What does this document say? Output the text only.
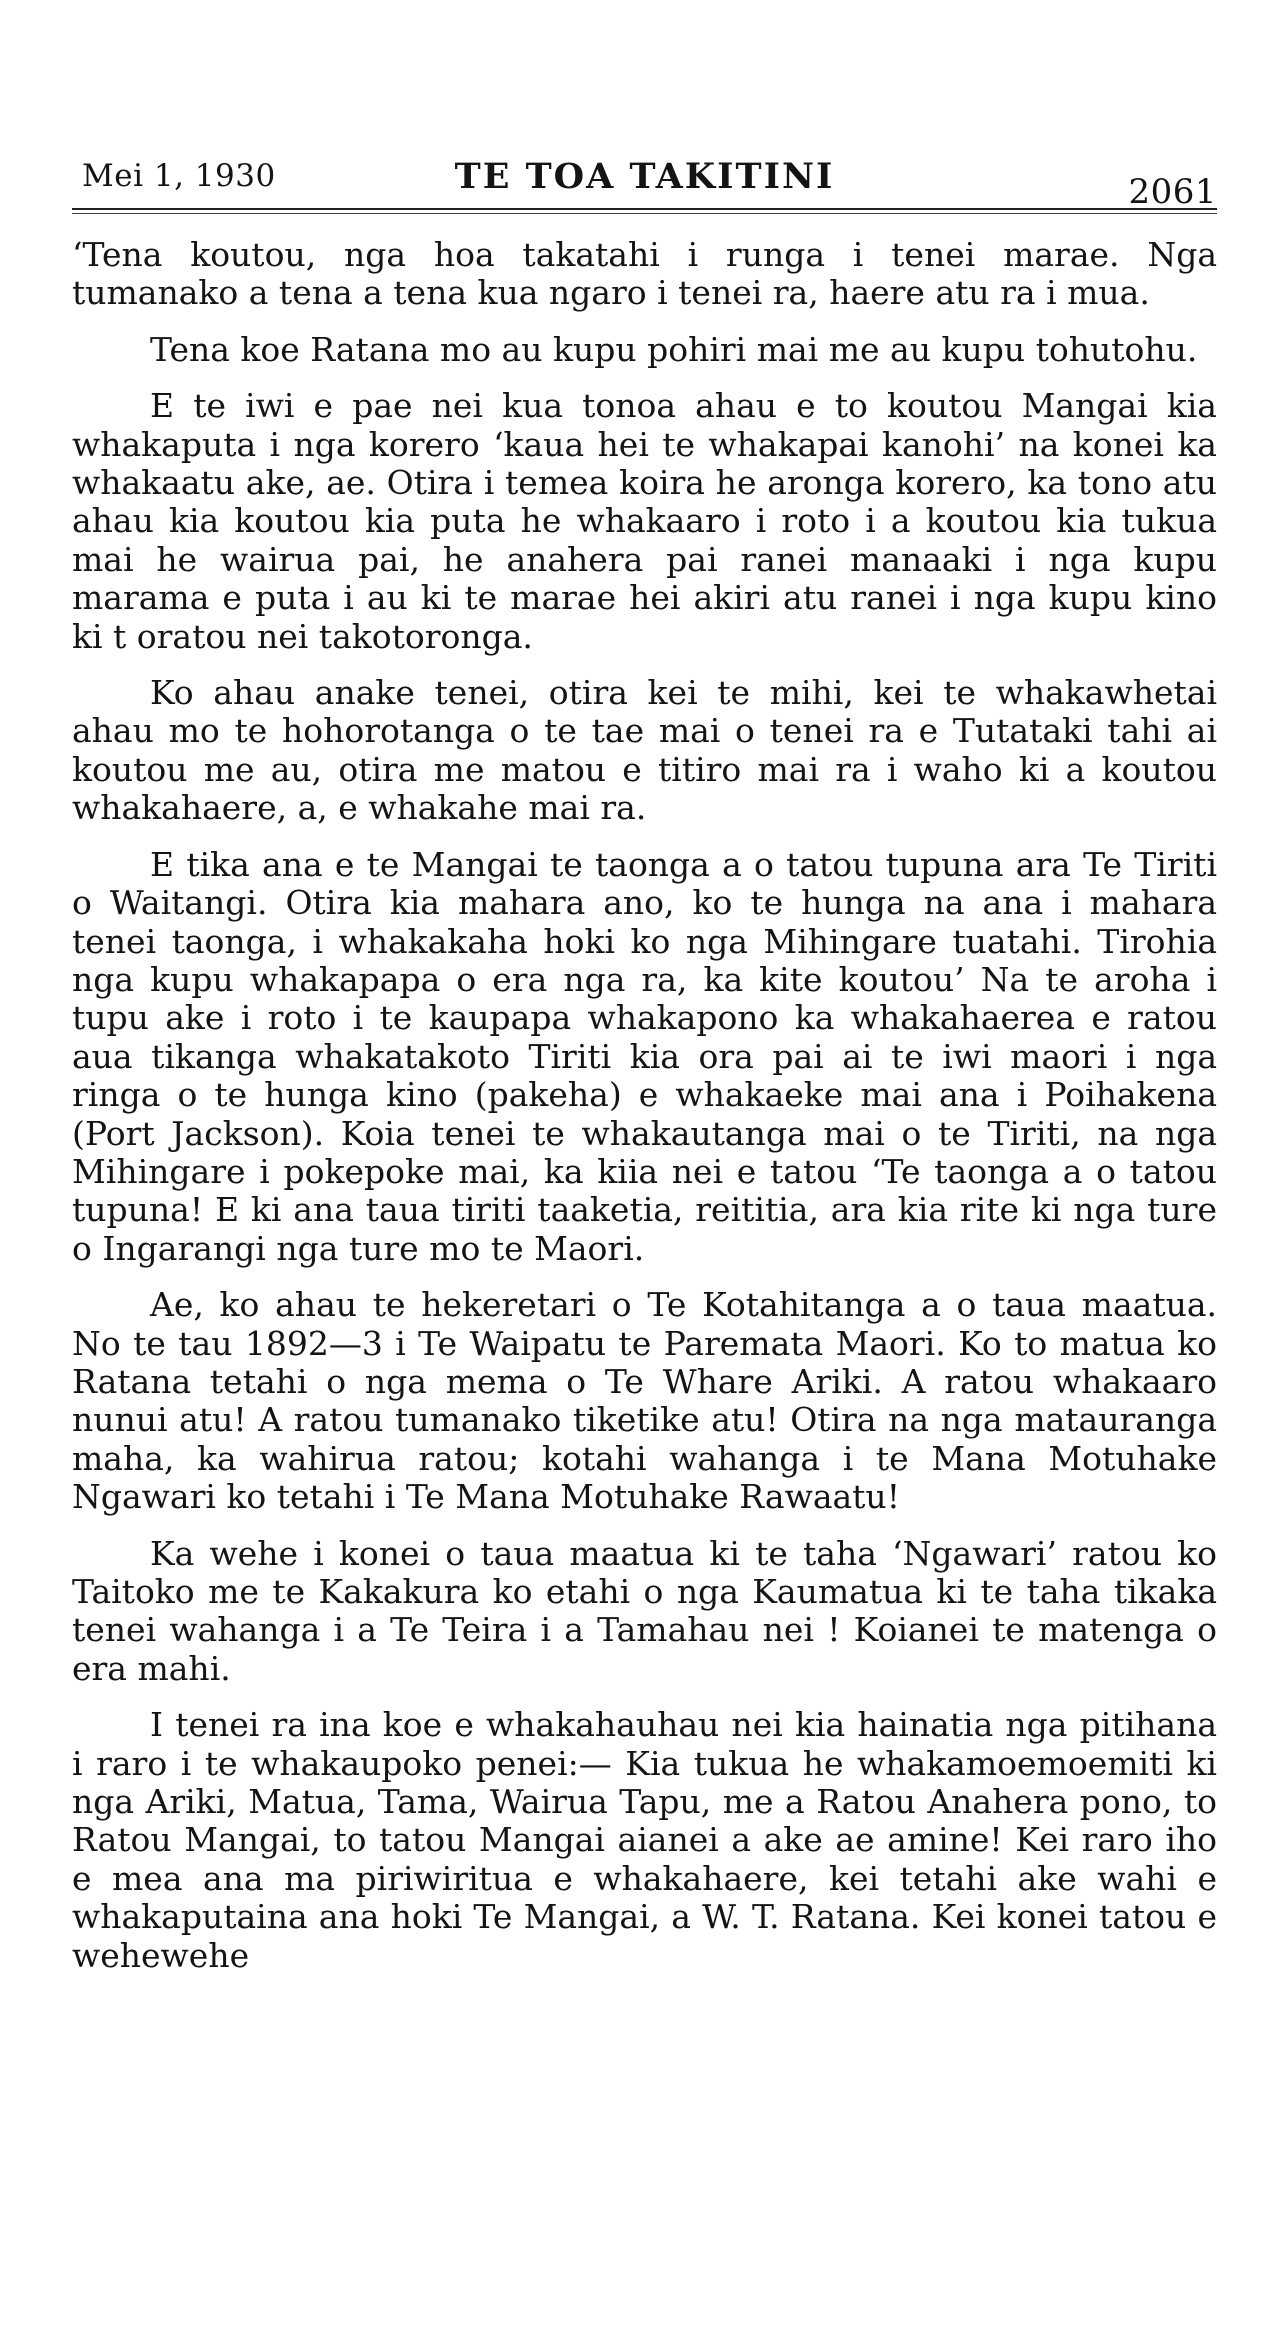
Mei 1, 1930	TE TOA TAKITINI	2061

‘Tena koutou, nga hoa takatahi i runga i tenei marae. Nga tumanako a tena a tena kua ngaro i tenei ra, haere atu ra i mua.

Tena koe Ratana mo au kupu pohiri mai me au kupu tohutohu.

E te iwi e pae nei kua tonoa ahau e to koutou Mangai kia whakaputa i nga korero ‘kaua hei te whakapai kanohi’ na konei ka whakaatu ake, ae. Otira i temea koira he aronga korero, ka tono atu ahau kia koutou kia puta he whakaaro i roto i a koutou kia tukua mai he wairua pai, he anahera pai ranei manaaki i nga kupu marama e puta i au ki te marae hei akiri atu ranei i nga kupu kino ki t oratou nei takotoronga.

Ko ahau anake tenei, otira kei te mihi, kei te whakawhetai ahau mo te hohorotanga o te tae mai o tenei ra e Tutataki tahi ai koutou me au, otira me matou e titiro mai ra i waho ki a koutou whakahaere, a, e whakahe mai ra.

E tika ana e te Mangai te taonga a o tatou tupuna ara Te Tiriti o Waitangi. Otira kia mahara ano, ko te hunga na ana i mahara tenei taonga, i whakakaha hoki ko nga Mihingare tuatahi. Tirohia nga kupu whakapapa o era nga ra, ka kite koutou’ Na te aroha i tupu ake i roto i te kaupapa whakapono ka whakahaerea e ratou aua tikanga whakatakoto Tiriti kia ora pai ai te iwi maori i nga ringa o te hunga kino (pakeha) e whakaeke mai ana i Poihakena (Port Jackson). Koia tenei te whakautanga mai o te Tiriti, na nga Mihingare i pokepoke mai, ka kiia nei e tatou ‘Te taonga a o tatou tupuna! E ki ana taua tiriti taaketia, reititia, ara kia rite ki nga ture o Ingarangi nga ture mo te Maori.

Ae, ko ahau te hekeretari o Te Kotahitanga a o taua maatua. No te tau 1892—3 i Te Waipatu te Paremata Maori. Ko to matua ko Ratana tetahi o nga mema o Te Whare Ariki. A ratou whakaaro nunui atu! A ratou tumanako tiketike atu! Otira na nga matauranga maha, ka wahirua ratou; kotahi wahanga i te Mana Motuhake Ngawari ko tetahi i Te Mana Motuhake Rawaatu!

Ka wehe i konei o taua maatua ki te taha ‘Ngawari’ ratou ko Taitoko me te Kakakura ko etahi o nga Kaumatua ki te taha tikaka tenei wahanga i a Te Teira i a Tamahau nei ! Koianei te matenga o era mahi.

I tenei ra ina koe e whakahauhau nei kia hainatia nga pitihana i raro i te whakaupoko penei:— Kia tukua he whakamoemoemiti ki nga Ariki, Matua, Tama, Wairua Tapu, me a Ratou Anahera pono, to Ratou Mangai, to tatou Mangai aianei a ake ae amine! Kei raro iho e mea ana ma piriwiritua e whakahaere, kei tetahi ake wahi e whakaputaina ana hoki Te Mangai, a W. T. Ratana. Kei konei tatou e wehewehe
